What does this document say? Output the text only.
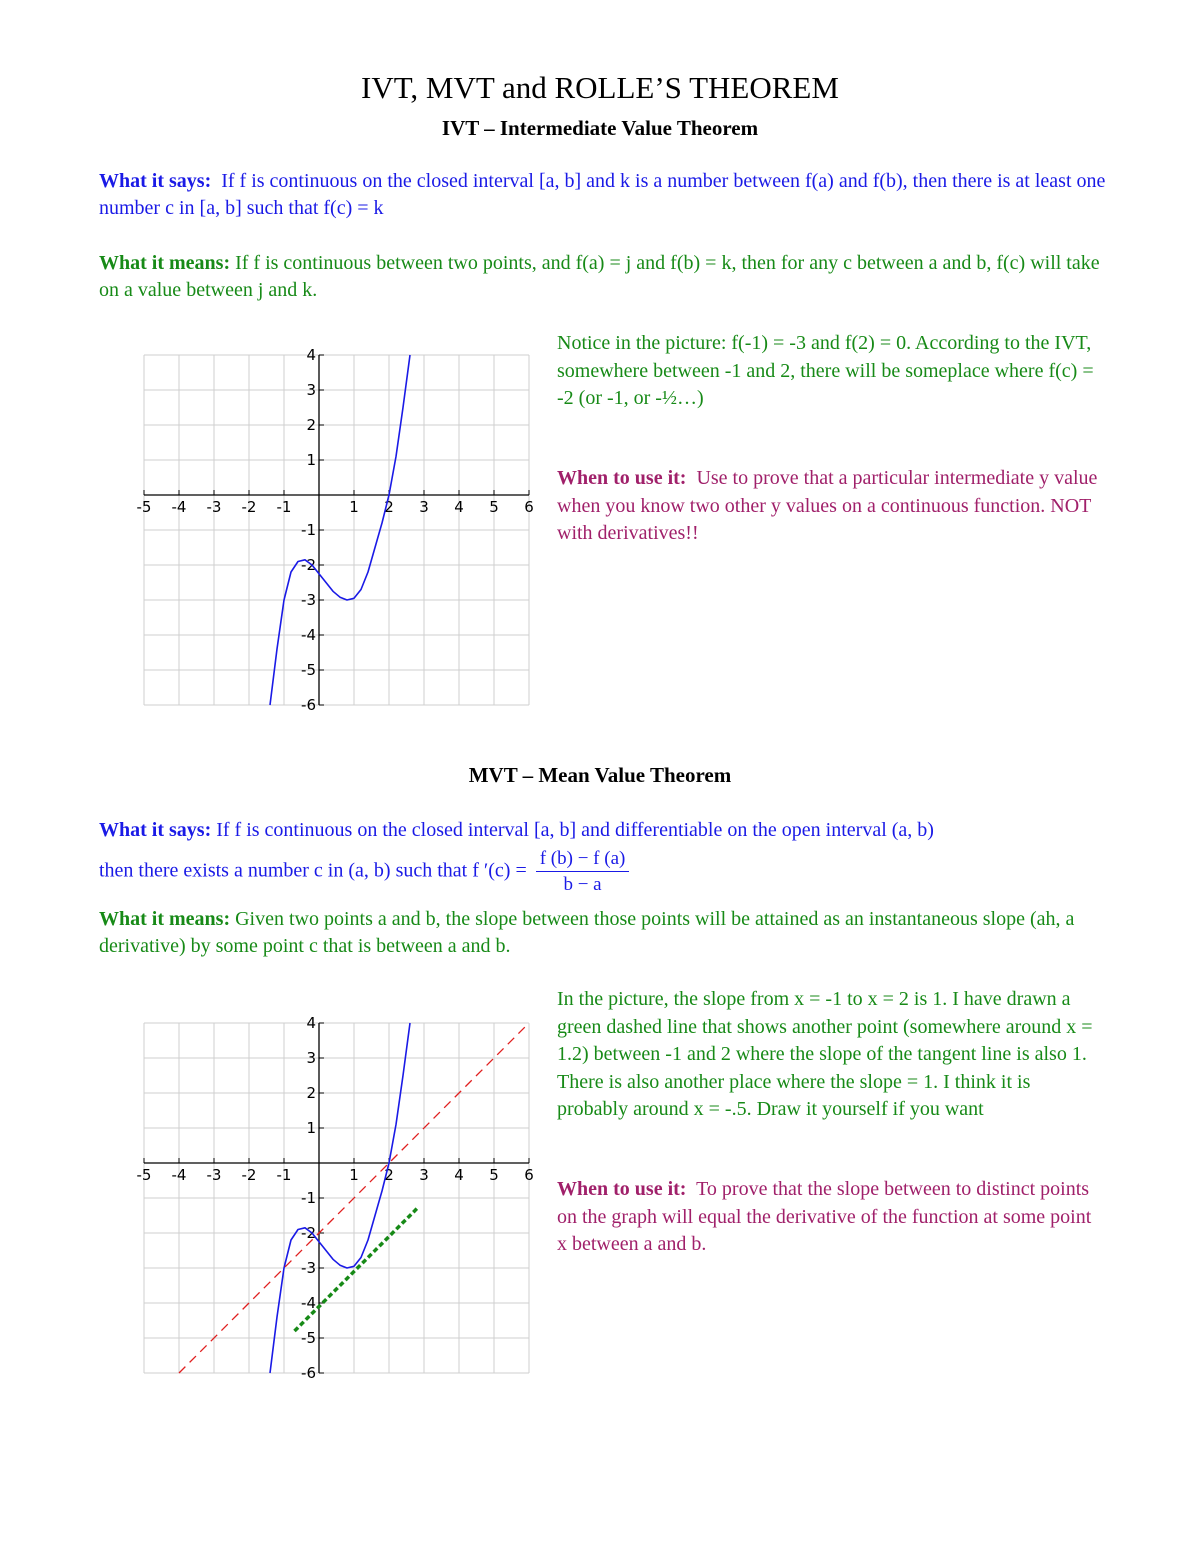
IVT, MVT and ROLLE’S THEOREM
IVT – Intermediate Value Theorem
What it says: If f is continuous on the closed interval [a, b] and k is a number between f(a) and f(b), then there is at least one number c in [a, b] such that f(c) = k
What it means: If f is continuous between two points, and f(a) = j and f(b) = k, then for any c between a and b, f(c) will take on a value between j and k.
-5 -4 -3 -2 -1	1 2 3 4 5 6
4
3
2
1
-1
-2
-3
-4
-5
-6
Notice in the picture: f(-1) = -3 and f(2) = 0. According to the IVT, somewhere between -1 and 2, there will be someplace where f(c) = -2 (or -1, or -½…)
When to use it: Use to prove that a particular intermediate y value when you know two other y values on a continuous function. NOT with derivatives!!
MVT – Mean Value Theorem
What it says: If f is continuous on the closed interval [a, b] and differentiable on the open interval (a, b)
then there exists a number c in (a, b) such that f $'(c) = \frac{f (b) - f (a)}{b - a}$
What it means: Given two points a and b, the slope between those points will be attained as an instantaneous slope (ah, a derivative) by some point c that is between a and b.
-5 -4 -3 -2 -1	1 2 3 4 5 6
4
3
2
1
-1
-2
-3
-4
-5
-6
In the picture, the slope from x = -1 to x = 2 is 1. I have drawn a green dashed line that shows another point (somewhere around x = 1.2) between -1 and 2 where the slope of the tangent line is also 1. There is also another place where the slope = 1. I think it is probably around x = -.5. Draw it yourself if you want
When to use it: To prove that the slope between to distinct points on the graph will equal the derivative of the function at some point x between a and b.
